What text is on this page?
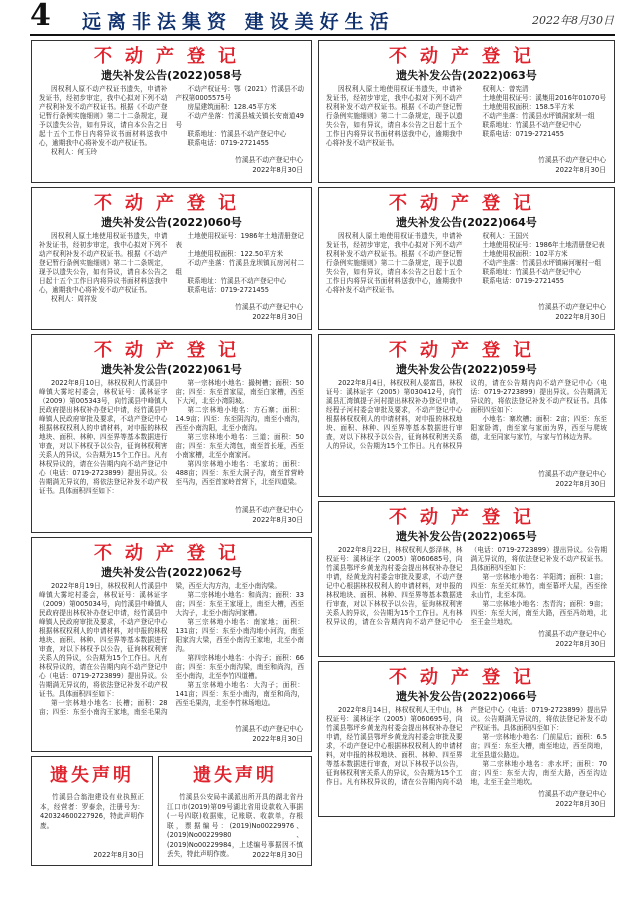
4 远离非法集资 建设美好生活	2022年8月30日
不动产登记
遗失补发公告(2022)058号

因权利人原不动产权证书遗失，申请补发证书，经初步审定，我中心拟对下列不动产权利补发不动产权证书。根据《不动产登记暂行条例实施细则》第二十二条规定，现予以遗失公告，如有异议，请自本公告之日起十五个工作日内将异议书面材料送我中心，逾期我中心将补发不动产权证书。

权利人：何玉玲

不动产权证号：鄂（2021）竹溪县不动产权第0005575号

房屋建筑面积：128.45平方米

不动产坐落：竹溪县城关镇长安南道49号

联系地址：竹溪县不动产登记中心

联系电话：0719-2721455

竹溪县不动产登记中心
2022年8月30日
不动产登记
遗失补发公告(2022)063号

因权利人原土地使用权证书遗失，申请补发证书，经初步审定，我中心拟对下列不动产权利补发不动产权证书。根据《不动产登记暂行条例实施细则》第二十二条规定，现予以遗失公告，如有异议，请自本公告之日起十五个工作日内将异议书面材料送我中心，逾期我中心将补发不动产权证书。

权利人：曾宪清

土地使用权证号：溪集用2016年01070号

土地使用权面积：158.5平方米

不动产坐落：竹溪县水坪镇洞家坝一组

联系地址：竹溪县不动产登记中心

联系电话：0719-2721455

竹溪县不动产登记中心
2022年8月30日
不动产登记
遗失补发公告(2022)060号

因权利人原土地使用权证书遗失，申请补发证书，经初步审定，我中心拟对下列不动产权利补发不动产权证书。根据《不动产登记暂行条例实施细则》第二十二条规定，现予以遗失公告，如有异议，请自本公告之日起十五个工作日内将异议书面材料送我中心，逾期我中心将补发不动产权证书。

权利人：周祥发

土地使用权证号：1986年土地清册登记表

土地使用权面积：122.50平方米

不动产坐落：竹溪县龙坝镇瓦房河村二组

联系地址：竹溪县不动产登记中心

联系电话：0719-2721455

竹溪县不动产登记中心
2022年8月30日
不动产登记
遗失补发公告(2022)064号

因权利人原土地使用权证书遗失，申请补发证书，经初步审定，我中心拟对下列不动产权利补发不动产权证书。根据《不动产登记暂行条例实施细则》第二十二条规定，现予以遗失公告，如有异议，请自本公告之日起十五个工作日内将异议书面材料送我中心，逾期我中心将补发不动产权证书。

权利人：王国兴

土地使用权证号：1986年土地清册登记表

土地使用权面积：102平方米

不动产坐落：竹溪县水坪镇麻河堰村一组

联系地址：竹溪县不动产登记中心

联系电话：0719-2721455

竹溪县不动产登记中心
2022年8月30日
不动产登记
遗失补发公告(2022)061号

2022年8月10日，林权权利人竹溪县中峰镇大雾坨村委会，林权证号：溪林证字（2009）第005343号，向竹溪县中峰镇人民政府提出林权补办登记申请，经竹溪县中峰镇人民政府审批及要求，不动产登记中心根据林权权利人的申请材料，对申报的林权地块、面积、林种、四至界等基本数据进行审查，对以下林权予以公告，征询林权利害关系人的异议，公告期为15个工作日。凡有林权异议的，请在公告期内向不动产登记中心（电话：0719-2723899）提出异议。公告期满无异议的，将依法登记补发不动产权证书。具体面积四至如下：

第一宗林地小地名：撮树槽；面积：50亩；四至：东至首家屋，南至白家槽，西至下大河，北至小湾阴坡。

第二宗林地小地名：方石寨；面积：14.9亩；四至：东至阴沟沟，南至小南沟，西至小南沟阳，北至小南沟。

第三宗林地小地名：三道；面积：50亩；四至：东至大湾包，南至首长垭，西至小南家槽，北至小南家河。

第四宗林地小地名：毛家坊；面积：488亩；四至：东至大洞子沟，南至首营岭至马沟，西至首家岭首营下，北至四道梁。

竹溪县不动产登记中心
2022年8月30日
不动产登记
遗失补发公告(2022)059号

2022年8月4日，林权权利人晏富昌，林权证号：溪林证字（2005）第030412号，向竹溪县汇湾镇提子河村提出林权补办登记申请，经程子河村委会审批及要求，不动产登记中心根据林权权利人的申请材料，对申报的林权地块、面积、林种、四至界等基本数据进行审查，对以下林权予以公告，征询林权利害关系人的异议，公告期为15个工作日。凡有林权异议的，请在公告期内向不动产登记中心（电话：0719-2723899）提出异议。公告期满无异议的，将依法登记补发不动产权证书。具体面积四至如下：

小地名：寨坎槽；面积：2亩；四至：东至阳家卧湾，南至家与家面为界，西至与爬坡德，北至同家与家竹，与家与竹林边为界。

竹溪县不动产登记中心
2022年8月30日
不动产登记
遗失补发公告(2022)065号

2022年8月22日，林权权利人彭泽林，林权证号：溪林证字（2005）第060685号，向竹溪县鄂坪乡黄龙沟村委会提出林权补办登记申请，经黄龙沟村委会审批及要求，不动产登记中心根据林权权利人的申请材料，对申报的林权地块、面积、林种、四至界等基本数据进行审查，对以下林权予以公告，征询林权利害关系人的异议，公告期为15个工作日。凡有林权异议的，请在公告期内向不动产登记中心（电话：0719-2723899）提出异议。公告期满无异议的，将依法登记补发不动产权证书。具体面积四至如下：

第一宗林地小地名：羊阳湾；面积：1亩；四至：东至关红林竹，南至幕坪大屋，西至徐永山竹，北至本岗。

第二宗林地小地名：杰青沟；面积：9亩；四至：东至大河，南至大路，西至冯幼地，北至王金兰地坎。

竹溪县不动产登记中心
2022年8月30日
不动产登记
遗失补发公告(2022)062号

2022年8月19日，林权权利人竹溪县中峰镇大雾坨村委会，林权证号：溪林证字（2009）第005034号，向竹溪县中峰镇人民政府提出林权补办登记申请，经竹溪县中峰镇人民政府审批及要求，不动产登记中心根据林权权利人的申请材料，对申报的林权地块、面积、林种、四至界等基本数据进行审查，对以下林权予以公告，征询林权利害关系人的异议，公告期为15个工作日。凡有林权异议的，请在公告期内向不动产登记中心（电话：0719-2723899）提出异议。公告期满无异议的，将依法登记补发不动产权证书。具体面积四至如下：

第一宗林地小地名：长槽；面积：28亩；四至：东至小南沟王家地，南至毛果沟梁，西至大沟方沟，北至小南沟梁。

第二宗林地小地名：和尚沟；面积：33亩；四至：东至王家垭上，南至大槽，西至大沟子，北至小南沟河家槽。

第三宗林地小地名：南家地；面积：131亩；四至：东至小南沟地小河沟，南至阳家沟大梁，西至小南沟王家地，北至小南沟。

第四宗林地小地名：小沟子；面积：66亩；四至：东至小南沟梁，南至和尚沟，西至小南沟，北至李竹四道槽。

第五宗林地小地名：大沟子；面积：141亩；四至：东至小南沟，南至和尚沟，西至毛果沟，北至李竹林场地边。

竹溪县不动产登记中心
2022年8月30日
不动产登记
遗失补发公告(2022)066号

2022年8月14日，林权权利人王中山，林权证号：溪林证字（2005）第060695号，向竹溪县鄂坪乡黄龙沟村委会提出林权补办登记申请，经竹溪县鄂坪乡黄龙沟村委会审批及要求，不动产登记中心根据林权权利人的申请材料，对申报的林权地块、面积、林种、四至界等基本数据进行审查，对以下林权予以公告，征询林权利害关系人的异议，公告期为15个工作日。凡有林权异议的，请在公告期内向不动产登记中心（电话：0719-2723899）提出异议。公告期满无异议的，将依法登记补发不动产权证书。具体面积四至如下：

第一宗林地小地名：门前屋后；面积：6.5亩；四至：东至大槽，南至地边，西至岗地，北至县道公路边。

第二宗林地小地名：赤水坪；面积：70亩；四至：东至大沟，南至大路，西至沟边地，北至王金兰地坎。

竹溪县不动产登记中心
2022年8月30日
遗失声明
竹溪县合翁泡建设有业执照正本，经营者：罗泰余，注册号为：420324600227926，特此声明作废。
2022年8月30日
遗失声明
竹溪县公安局丰溪派出所开具的湖北省丹江口市(2019)第09号湖北省用设款收入事据(一号四联)收据账，记账联、收款单，存根联，票据编号：(2019)No00229976、(2019)No00229980、(2019)No00229984，上述编号事据因不慎丢失，特此声明作废。	2022年8月30日
